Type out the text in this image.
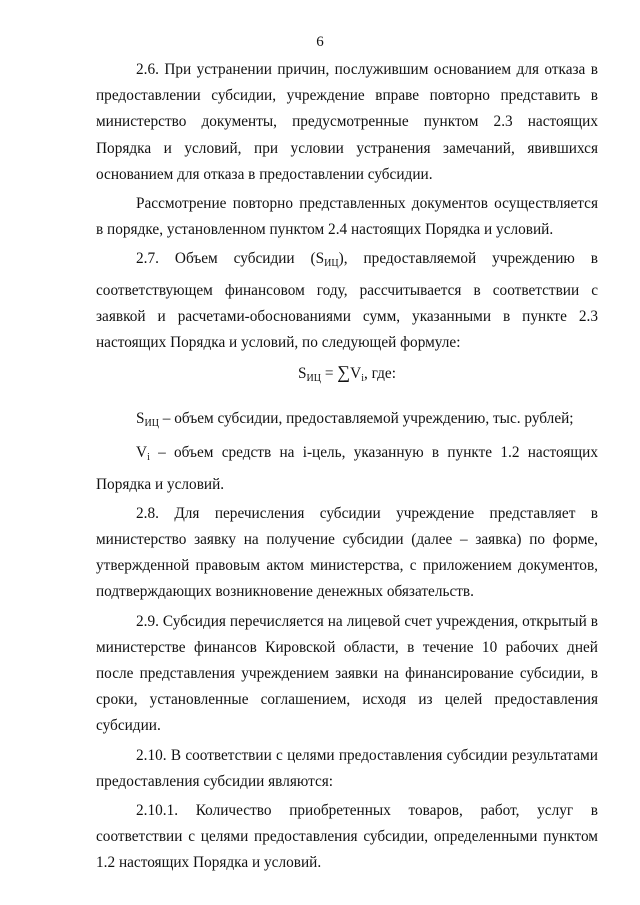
6

2.6. При устранении причин, послужившим основанием для отказа в предоставлении субсидии, учреждение вправе повторно представить в министерство документы, предусмотренные пунктом 2.3 настоящих Порядка и условий, при условии устранения замечаний, явившихся основанием для отказа в предоставлении субсидии.

Рассмотрение повторно представленных документов осуществляется в порядке, установленном пунктом 2.4 настоящих Порядка и условий.

2.7. Объем субсидии $(S_{ИЦ})$, предоставляемой учреждению в соответствующем финансовом году, рассчитывается в соответствии с заявкой и расчетами-обоснованиями сумм, указанными в пункте 2.3 настоящих Порядка и условий, по следующей формуле:

$S_{ИЦ} = \sum V_i$, где:

$S_{ИЦ}$ – объем субсидии, предоставляемой учреждению, тыс. рублей;

$V_i$ – объем средств на i-цель, указанную в пункте 1.2 настоящих Порядка и условий.

2.8. Для перечисления субсидии учреждение представляет в министерство заявку на получение субсидии (далее – заявка) по форме, утвержденной правовым актом министерства, с приложением документов, подтверждающих возникновение денежных обязательств.

2.9. Субсидия перечисляется на лицевой счет учреждения, открытый в министерстве финансов Кировской области, в течение 10 рабочих дней после представления учреждением заявки на финансирование субсидии, в сроки, установленные соглашением, исходя из целей предоставления субсидии.

2.10. В соответствии с целями предоставления субсидии результатами предоставления субсидии являются:

2.10.1. Количество приобретенных товаров, работ, услуг в соответствии с целями предоставления субсидии, определенными пунктом 1.2 настоящих Порядка и условий.
